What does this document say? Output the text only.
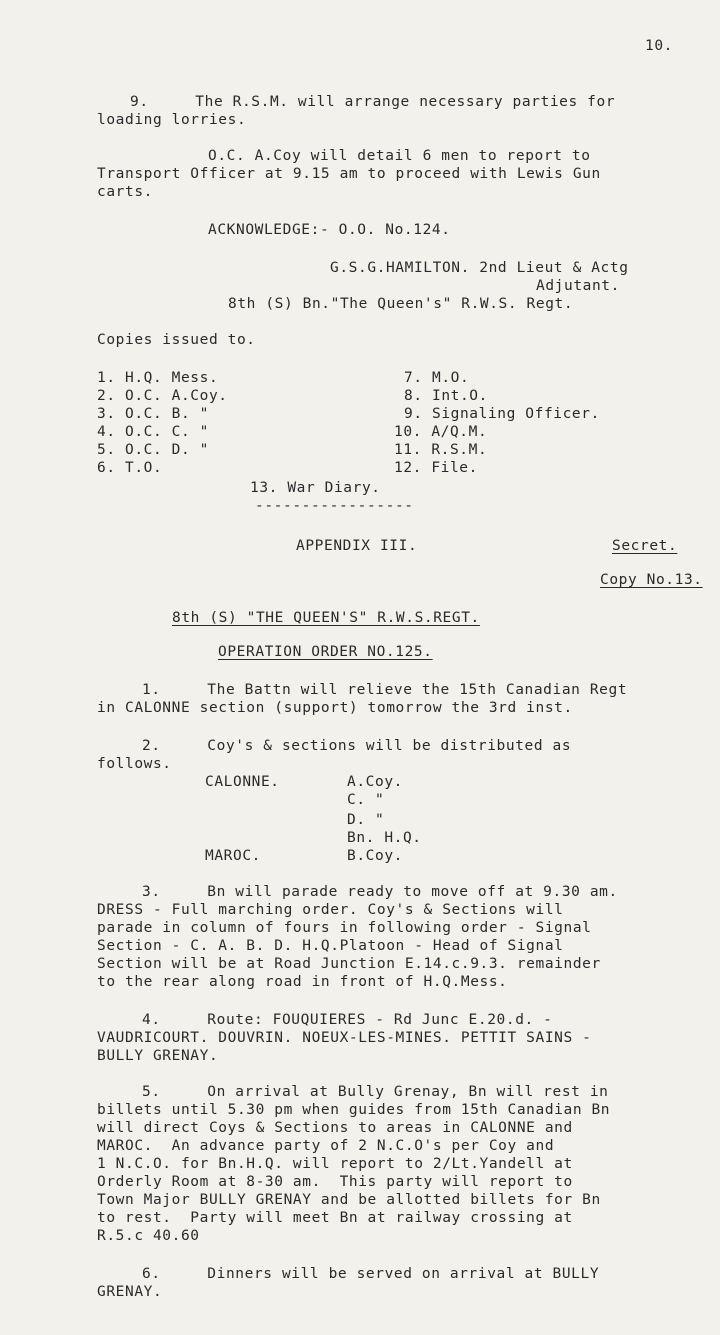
10.
9.     The R.S.M. will arrange necessary parties for
loading lorries.
O.C. A.Coy will detail 6 men to report to
Transport Officer at 9.15 am to proceed with Lewis Gun
carts.
ACKNOWLEDGE:- O.O. No.124.
G.S.G.HAMILTON. 2nd Lieut & Actg
Adjutant.
8th (S) Bn."The Queen's" R.W.S. Regt.
Copies issued to.
1. H.Q. Mess.
2. O.C. A.Coy.
3. O.C. B. "
4. O.C. C. "
5. O.C. D. "
6. T.O.
7. M.O.
8. Int.O.
9. Signaling Officer.
10. A/Q.M.
11. R.S.M.
12. File.
13. War Diary.
-----------------
APPENDIX III.	Secret.
Copy No.13.
8th (S) "THE QUEEN'S" R.W.S.REGT.
OPERATION ORDER NO.125.
1.     The Battn will relieve the 15th Canadian Regt
in CALONNE section (support) tomorrow the 3rd inst.
2.     Coy's & sections will be distributed as
follows.
CALONNE.	A.Coy.
C. "
D. "
Bn. H.Q.
MAROC.	B.Coy.
3.     Bn will parade ready to move off at 9.30 am.
DRESS - Full marching order. Coy's & Sections will
parade in column of fours in following order - Signal
Section - C. A. B. D. H.Q.Platoon - Head of Signal
Section will be at Road Junction E.14.c.9.3. remainder
to the rear along road in front of H.Q.Mess.
4.     Route: FOUQUIERES - Rd Junc E.20.d. -
VAUDRICOURT. DOUVRIN. NOEUX-LES-MINES. PETTIT SAINS -
BULLY GRENAY.
5.     On arrival at Bully Grenay, Bn will rest in
billets until 5.30 pm when guides from 15th Canadian Bn
will direct Coys & Sections to areas in CALONNE and
MAROC.  An advance party of 2 N.C.O's per Coy and
1 N.C.O. for Bn.H.Q. will report to 2/Lt.Yandell at
Orderly Room at 8-30 am.  This party will report to
Town Major BULLY GRENAY and be allotted billets for Bn
to rest.  Party will meet Bn at railway crossing at
R.5.c 40.60
6.     Dinners will be served on arrival at BULLY
GRENAY.
